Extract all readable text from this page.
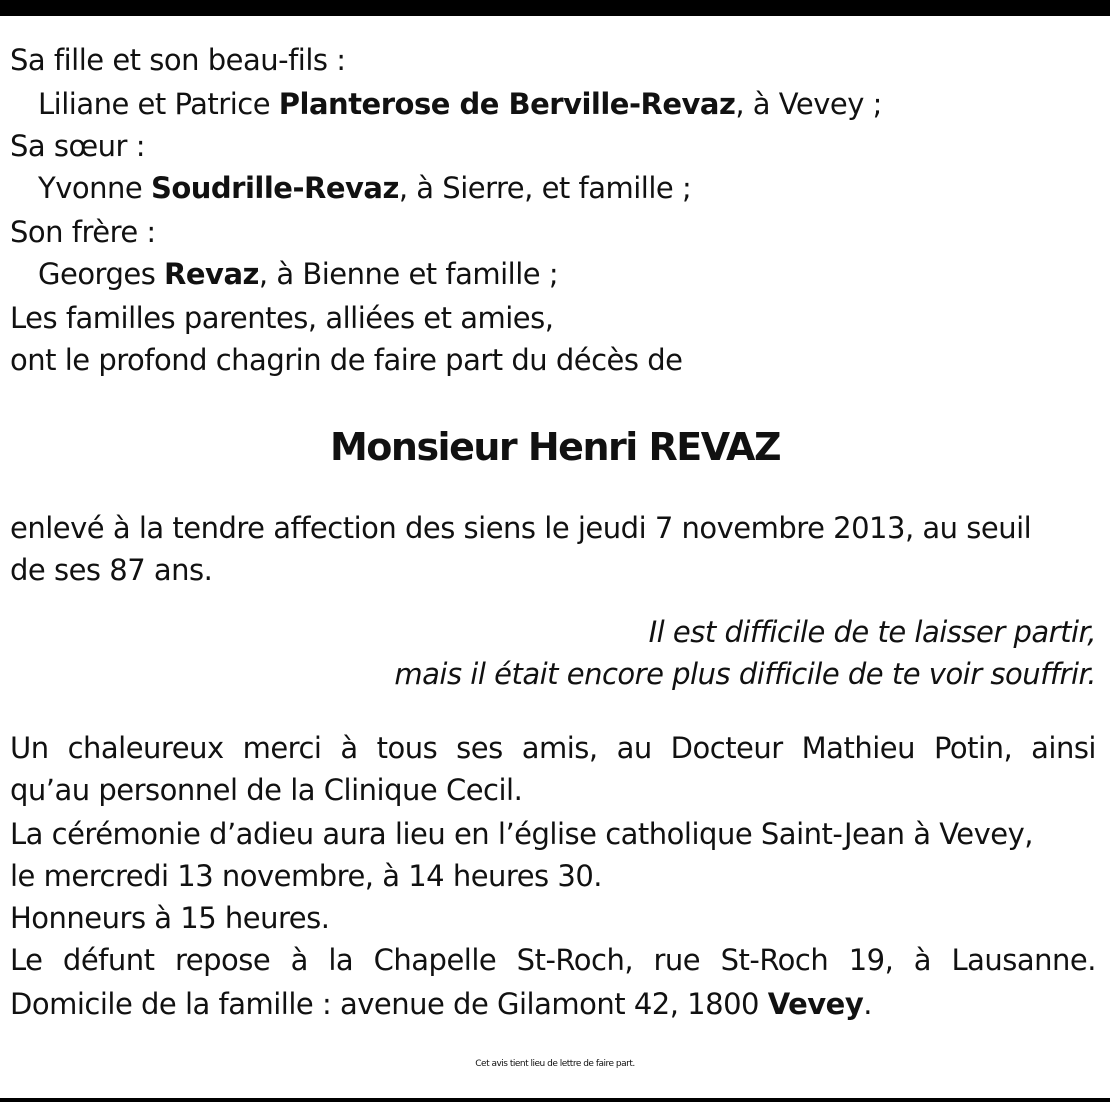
Sa fille et son beau-fils :
Liliane et Patrice Planterose de Berville-Revaz, à Vevey ;
Sa sœur :
Yvonne Soudrille-Revaz, à Sierre, et famille ;
Son frère :
Georges Revaz, à Bienne et famille ;
Les familles parentes, alliées et amies,
ont le profond chagrin de faire part du décès de
Monsieur Henri REVAZ
enlevé à la tendre affection des siens le jeudi 7 novembre 2013, au seuil
de ses 87 ans.
Il est difficile de te laisser partir,
mais il était encore plus difficile de te voir souffrir.
Un chaleureux merci à tous ses amis, au Docteur Mathieu Potin, ainsi
qu’au personnel de la Clinique Cecil.
La cérémonie d’adieu aura lieu en l’église catholique Saint-Jean à Vevey,
le mercredi 13 novembre, à 14 heures 30.
Honneurs à 15 heures.
Le défunt repose à la Chapelle St-Roch, rue St-Roch 19, à Lausanne.
Domicile de la famille : avenue de Gilamont 42, 1800 Vevey.
Cet avis tient lieu de lettre de faire part.
